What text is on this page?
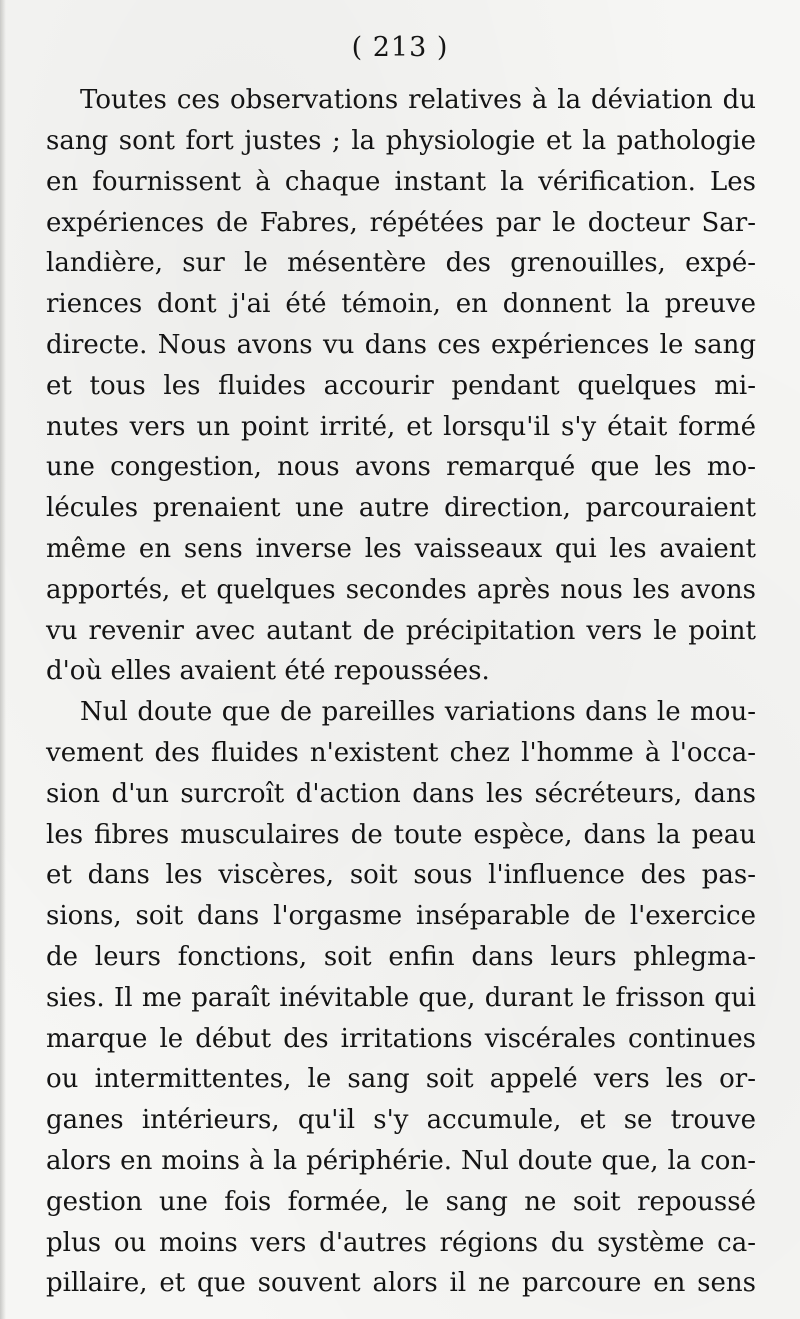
( 213 )
Toutes ces observations relatives à la déviation du
sang sont fort justes ; la physiologie et la pathologie
en fournissent à chaque instant la vérification. Les
expériences de Fabres, répétées par le docteur Sar-
landière, sur le mésentère des grenouilles, expé-
riences dont j'ai été témoin, en donnent la preuve
directe. Nous avons vu dans ces expériences le sang
et tous les fluides accourir pendant quelques mi-
nutes vers un point irrité, et lorsqu'il s'y était formé
une congestion, nous avons remarqué que les mo-
lécules prenaient une autre direction, parcouraient
même en sens inverse les vaisseaux qui les avaient
apportés, et quelques secondes après nous les avons
vu revenir avec autant de précipitation vers le point
d'où elles avaient été repoussées.
Nul doute que de pareilles variations dans le mou-
vement des fluides n'existent chez l'homme à l'occa-
sion d'un surcroît d'action dans les sécréteurs, dans
les fibres musculaires de toute espèce, dans la peau
et dans les viscères, soit sous l'influence des pas-
sions, soit dans l'orgasme inséparable de l'exercice
de leurs fonctions, soit enfin dans leurs phlegma-
sies. Il me paraît inévitable que, durant le frisson qui
marque le début des irritations viscérales continues
ou intermittentes, le sang soit appelé vers les or-
ganes intérieurs, qu'il s'y accumule, et se trouve
alors en moins à la périphérie. Nul doute que, la con-
gestion une fois formée, le sang ne soit repoussé
plus ou moins vers d'autres régions du système ca-
pillaire, et que souvent alors il ne parcoure en sens
